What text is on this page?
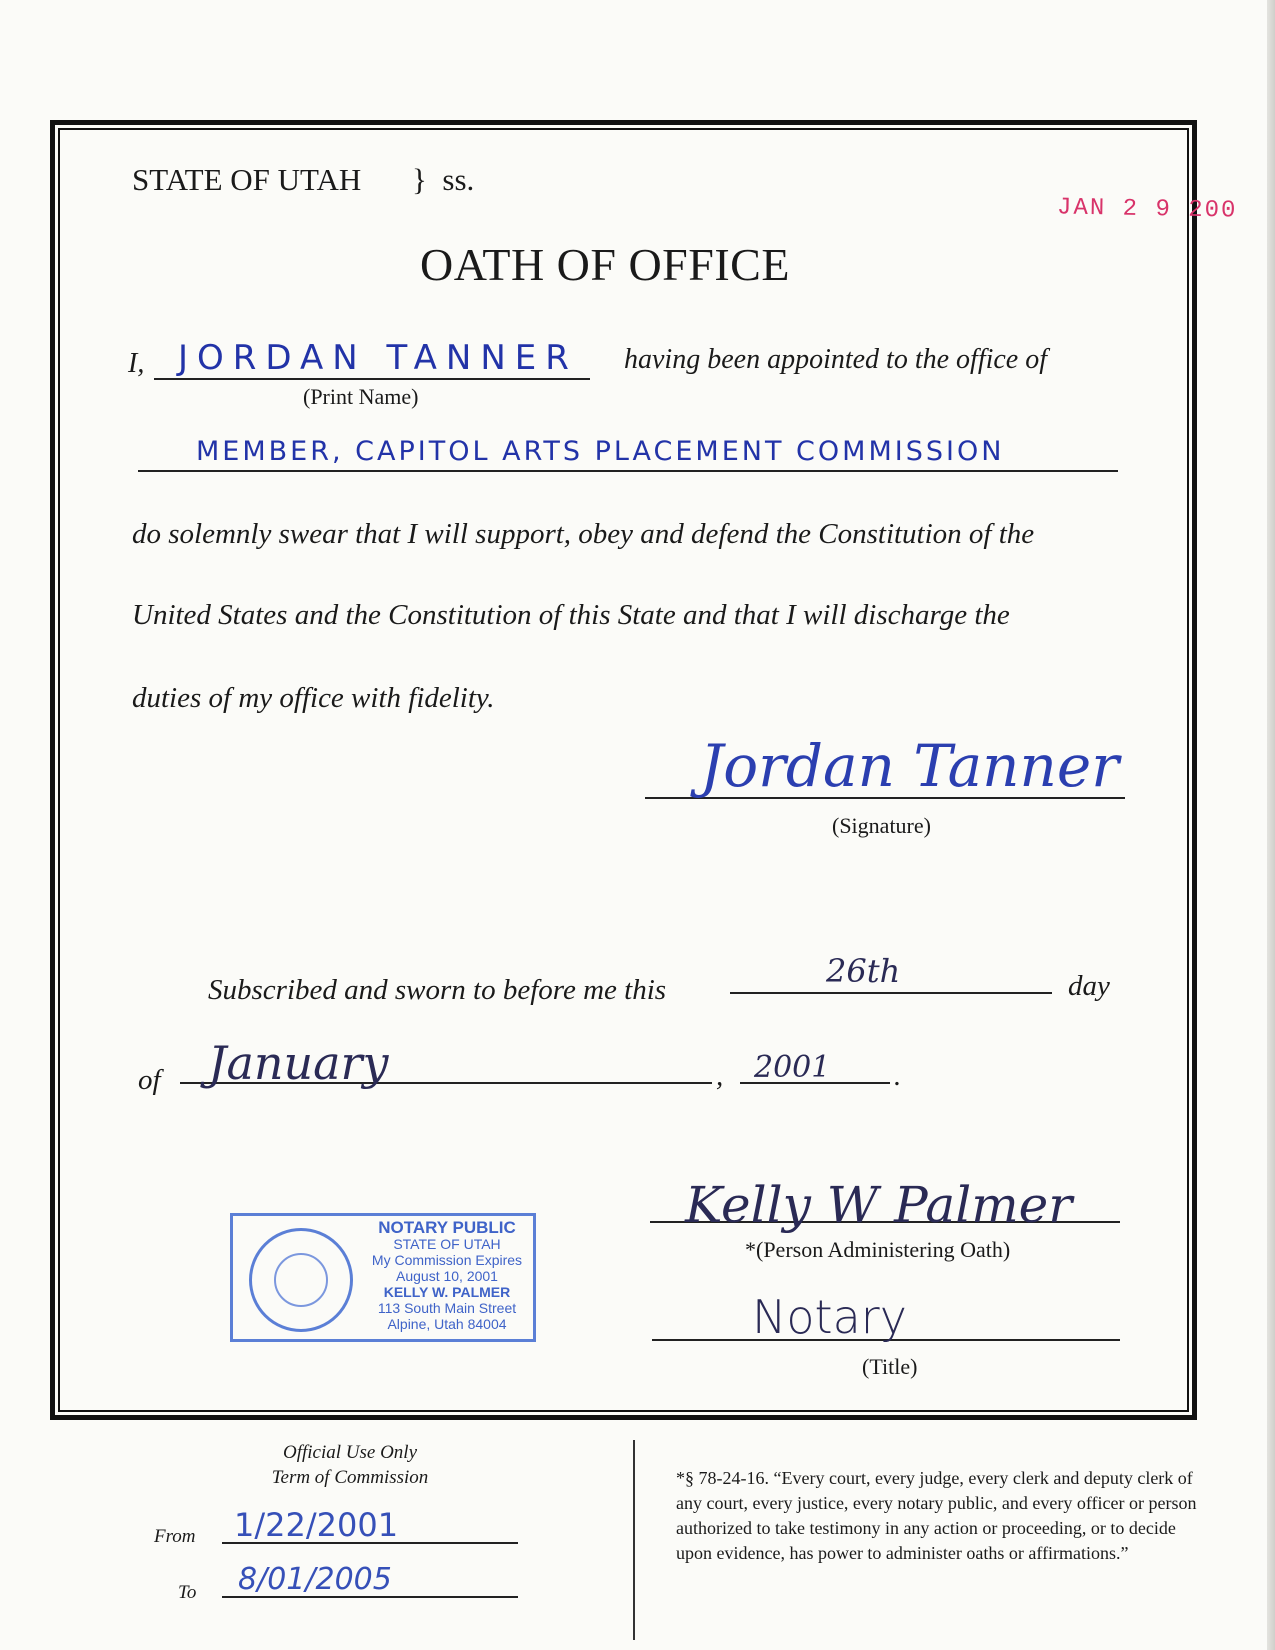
STATE OF UTAH } ss.
JAN 2 9 200
OATH OF OFFICE
I, JORDAN TANNER
(Print Name)
having been appointed to the office of
MEMBER, CAPITOL ARTS PLACEMENT COMMISSION
do solemnly swear that I will support, obey and defend the Constitution of the
United States and the Constitution of this State and that I will discharge the
duties of my office with fidelity.
Jordan Tanner
(Signature)
Subscribed and sworn to before me this	26th	day
of January	, 2001 .
Kelly W Palmer
*(Person Administering Oath)
Notary
(Title)
NOTARY PUBLIC
STATE OF UTAH
My Commission Expires
August 10, 2001
KELLY W. PALMER
113 South Main Street
Alpine, Utah 84004
Official Use Only
Term of Commission
From 1/22/2001
To 8/01/2005
*§ 78-24-16. “Every court, every judge, every clerk and deputy clerk of any court, every justice, every notary public, and every officer or person authorized to take testimony in any action or proceeding, or to decide upon evidence, has power to administer oaths or affirmations.”
